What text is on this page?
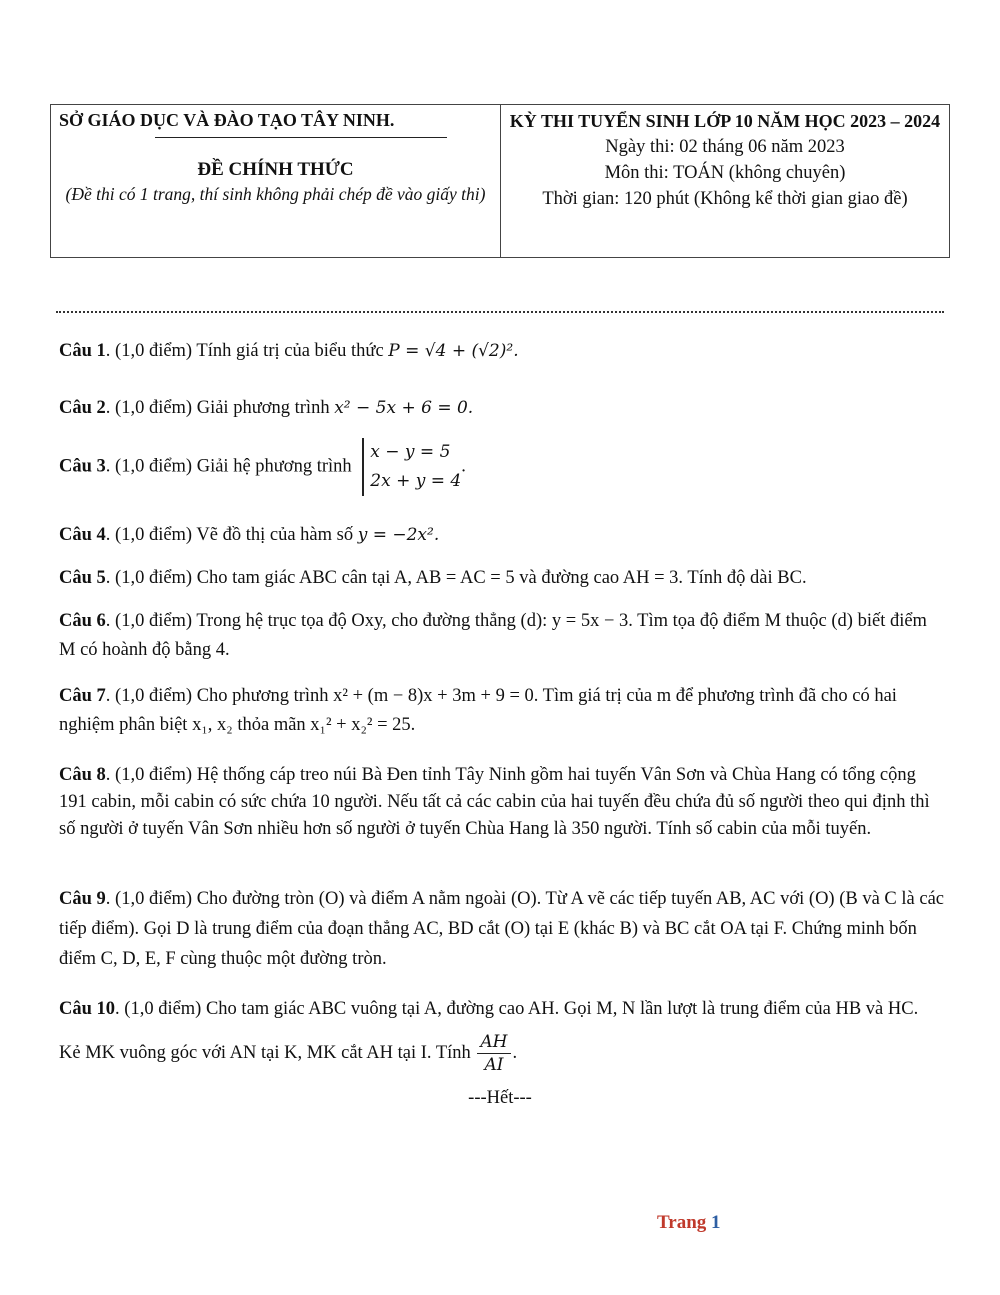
SỞ GIÁO DỤC VÀ ĐÀO TẠO TÂY NINH.
ĐỀ CHÍNH THỨC
(Đề thi có 1 trang, thí sinh không phải chép đề vào giấy thi)
KỲ THI TUYỂN SINH LỚP 10 NĂM HỌC 2023 – 2024
Ngày thi: 02 tháng 06 năm 2023
Môn thi: TOÁN (không chuyên)
Thời gian: 120 phút (Không kể thời gian giao đề)
Câu 1. (1,0 điểm) Tính giá trị của biểu thức P = √4 + (√2)².
Câu 2. (1,0 điểm) Giải phương trình x² − 5x + 6 = 0.
Câu 3. (1,0 điểm) Giải hệ phương trình
x − y = 5
2x + y = 4
.
Câu 4. (1,0 điểm) Vẽ đồ thị của hàm số y = −2x².
Câu 5. (1,0 điểm) Cho tam giác ABC cân tại A, AB = AC = 5 và đường cao AH = 3. Tính độ dài BC.
Câu 6. (1,0 điểm) Trong hệ trục tọa độ Oxy, cho đường thẳng (d): y = 5x − 3. Tìm tọa độ điểm M thuộc (d) biết điểm M có hoành độ bằng 4.
Câu 7. (1,0 điểm) Cho phương trình x² + (m − 8)x + 3m + 9 = 0. Tìm giá trị của m để phương trình đã cho có hai nghiệm phân biệt x₁, x₂ thỏa mãn x₁² + x₂² = 25.
Câu 8. (1,0 điểm) Hệ thống cáp treo núi Bà Đen tỉnh Tây Ninh gồm hai tuyến Vân Sơn và Chùa Hang có tổng cộng 191 cabin, mỗi cabin có sức chứa 10 người. Nếu tất cả các cabin của hai tuyến đều chứa đủ số người theo qui định thì số người ở tuyến Vân Sơn nhiều hơn số người ở tuyến Chùa Hang là 350 người. Tính số cabin của mỗi tuyến.
Câu 9. (1,0 điểm) Cho đường tròn (O) và điểm A nằm ngoài (O). Từ A vẽ các tiếp tuyến AB, AC với (O) (B và C là các tiếp điểm). Gọi D là trung điểm của đoạn thẳng AC, BD cắt (O) tại E (khác B) và BC cắt OA tại F. Chứng minh bốn điểm C, D, E, F cùng thuộc một đường tròn.
Câu 10. (1,0 điểm) Cho tam giác ABC vuông tại A, đường cao AH. Gọi M, N lần lượt là trung điểm của HB và HC. Kẻ MK vuông góc với AN tại K, MK cắt AH tại I. Tính $\frac{AH}{AI}$ .
---Hết---
Trang 1
